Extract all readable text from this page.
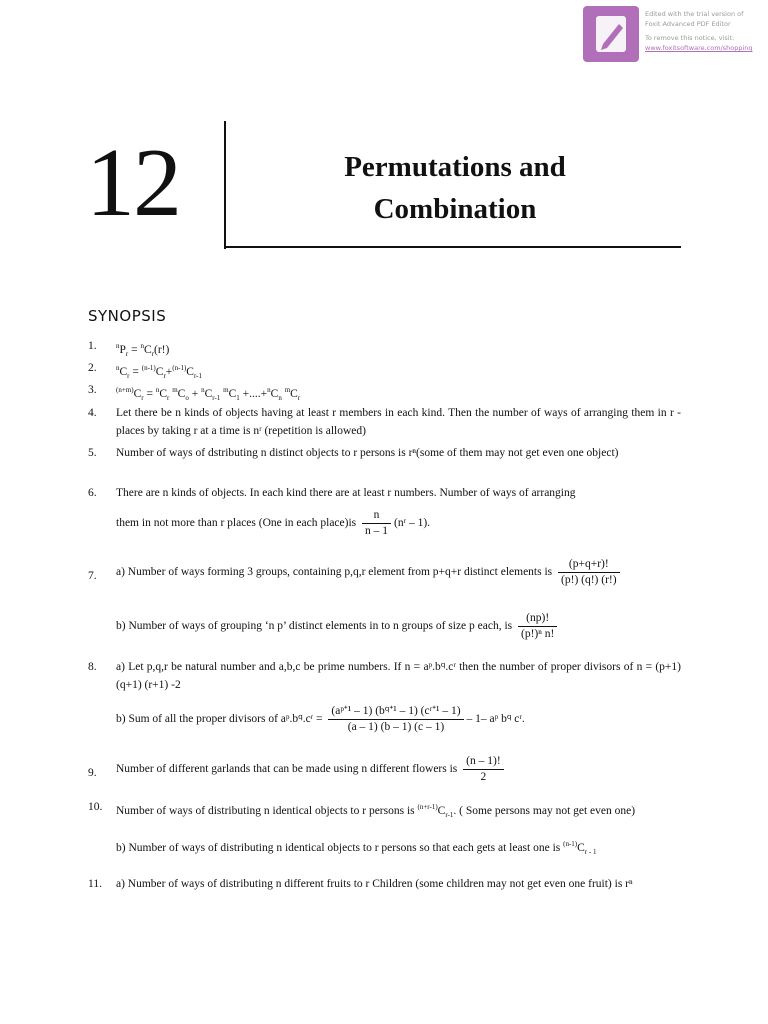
Edited with the trial version of
Foxit Advanced PDF Editor
To remove this notice, visit:
www.foxitsoftware.com/shopping
12	Permutations and
Combination
SYNOPSIS
1.	$^nP_r = ^nC_r(r!)$
2.	$^nC_r = ^{(n-1)}C_r+^{(n-1)}C_{r-1}$
3.	$^{(n+m)}C_r = ^nC_r$ $^mC_o + ^nC_{r-1}$ $^mC_1 +....+^nC_n$ $^mC_r$
4. Let there be n kinds of objects having at least r members in each kind. Then the number of ways of arranging them in r - places by taking r at a time is nʳ (repetition is allowed)
5. Number of ways of dstributing n distinct objects to r persons is rⁿ(some of them may not get even one object)
6. There are n kinds of objects. In each kind there are at least r numbers. Number of ways of arranging
them in not more than r places (One in each place)is $\frac{n}{n - 1}$ (nʳ – 1).
7. a) Number of ways forming 3 groups, containing p,q,r element from p+q+r distinct elements is $\frac{(p+q+r)!}{(p!) (q!) (r!)}$
b) Number of ways of grouping ‘n p’ distinct elements in to n groups of size p each, is $\frac{(np)!}{\text{(p!)ⁿ n!}}$
8. a) Let p,q,r be natural number and a,b,c be prime numbers. If n = aᵖ.b𐞥.cʳ then the number of proper divisors of n = (p+1) (q+1) (r+1) -2
b) Sum of all the proper divisors of aᵖ.b𐞥.cʳ = $\frac{\text{(aᵖ⁺¹ – 1) (b𐞥⁺¹ – 1) (cʳ⁺¹ – 1)}}{(a - 1) (b - 1) (c - 1)} - 1-$ aᵖ b𐞥 cʳ.
9. Number of different garlands that can be made using n different flowers is $\frac{(n - 1)!}{2}$
10. Number of ways of distributing n identical objects to r persons is $^{(n+r-1)}C_{r-1}$. ( Some persons may not get even one)
b) Number of ways of distributing n identical objects to r persons so that each gets at least one is $^{(n-1)}C_{r - 1}$
11. a) Number of ways of distributing n different fruits to r Children (some children may not get even one fruit) is rⁿ
